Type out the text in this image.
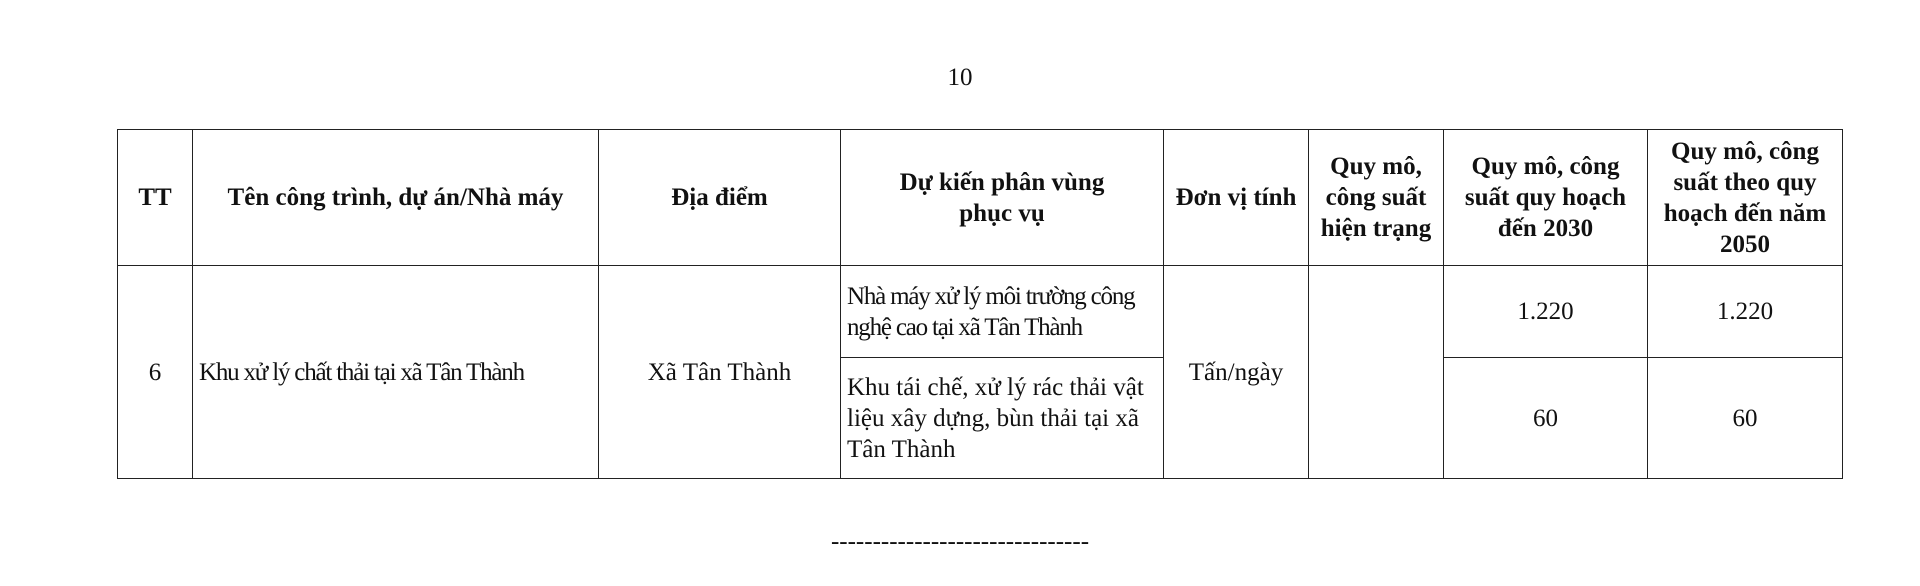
10
TT	Tên công trình, dự án/Nhà máy	Địa điểm	Dự kiến phân vùng phục vụ	Đơn vị tính	Quy mô, công suất hiện trạng	Quy mô, công suất quy hoạch đến 2030	Quy mô, công suất theo quy hoạch đến năm 2050
6	Khu xử lý chất thải tại xã Tân Thành	Xã Tân Thành	Nhà máy xử lý môi trường công nghệ cao tại xã Tân Thành	Tấn/ngày		1.220	1.220
			Khu tái chế, xử lý rác thải vật liệu xây dựng, bùn thải tại xã Tân Thành			60	60
-------------------------------
